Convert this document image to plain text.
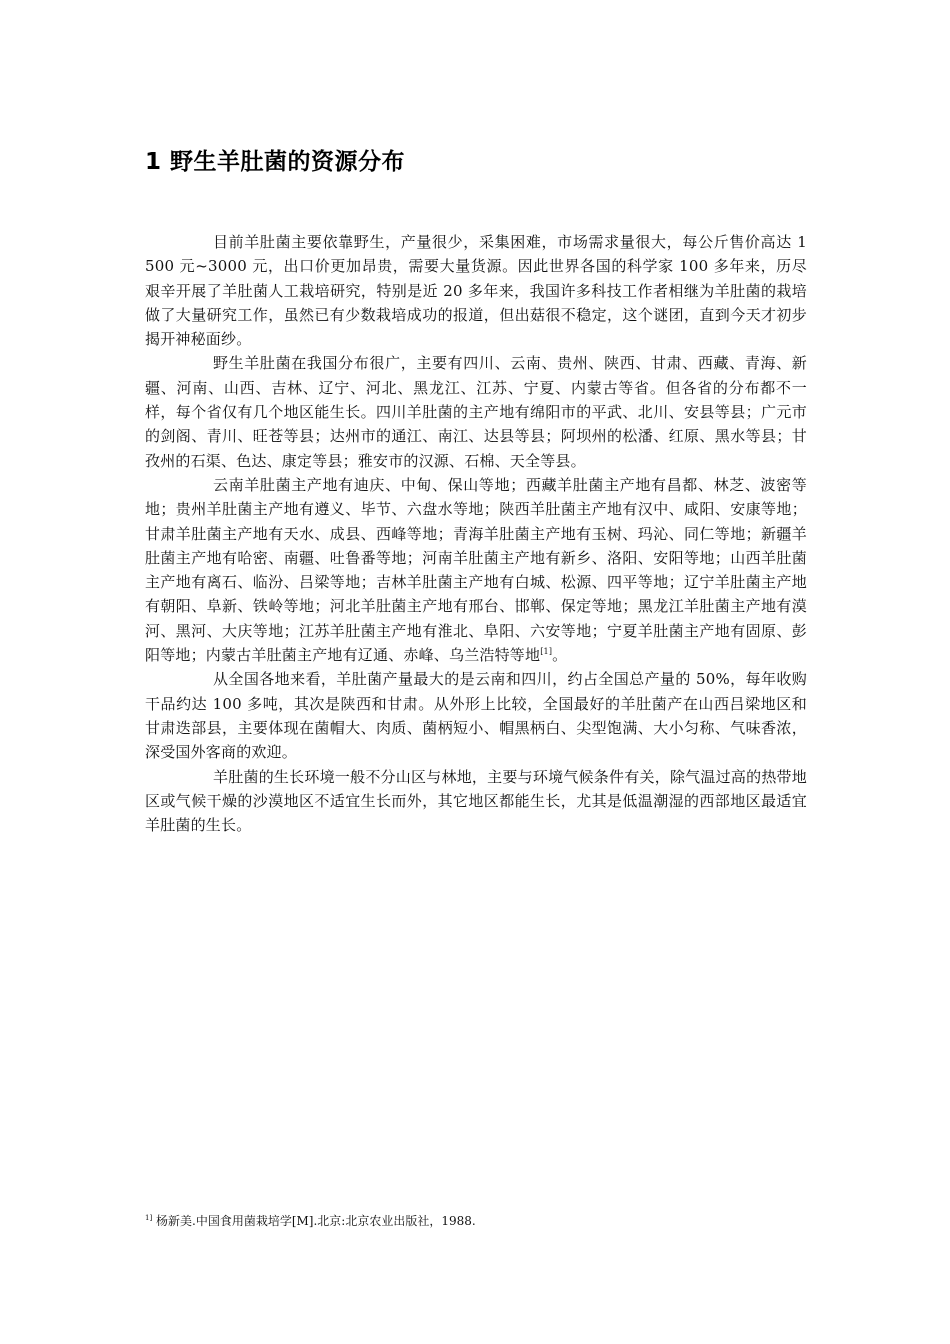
1 野生羊肚菌的资源分布

目前羊肚菌主要依靠野生，产量很少，采集困难，市场需求量很大，每公斤售价高达 1 500 元~3000 元，出口价更加昂贵，需要大量货源。因此世界各国的科学家 100 多年来，历尽艰辛开展了羊肚菌人工栽培研究，特别是近 20 多年来，我国许多科技工作者相继为羊肚菌的栽培做了大量研究工作，虽然已有少数栽培成功的报道，但出菇很不稳定，这个谜团，直到今天才初步揭开神秘面纱。

野生羊肚菌在我国分布很广，主要有四川、云南、贵州、陕西、甘肃、西藏、青海、新疆、河南、山西、吉林、辽宁、河北、黑龙江、江苏、宁夏、内蒙古等省。但各省的分布都不一样，每个省仅有几个地区能生长。四川羊肚菌的主产地有绵阳市的平武、北川、安县等县；广元市的剑阁、青川、旺苍等县；达州市的通江、南江、达县等县；阿坝州的松潘、红原、黑水等县；甘孜州的石渠、色达、康定等县；雅安市的汉源、石棉、天全等县。

云南羊肚菌主产地有迪庆、中甸、保山等地；西藏羊肚菌主产地有昌都、林芝、波密等地；贵州羊肚菌主产地有遵义、毕节、六盘水等地；陕西羊肚菌主产地有汉中、咸阳、安康等地；甘肃羊肚菌主产地有天水、成县、西峰等地；青海羊肚菌主产地有玉树、玛沁、同仁等地；新疆羊肚菌主产地有哈密、南疆、吐鲁番等地；河南羊肚菌主产地有新乡、洛阳、安阳等地；山西羊肚菌主产地有离石、临汾、吕梁等地；吉林羊肚菌主产地有白城、松源、四平等地；辽宁羊肚菌主产地有朝阳、阜新、铁岭等地；河北羊肚菌主产地有邢台、邯郸、保定等地；黑龙江羊肚菌主产地有漠河、黑河、大庆等地；江苏羊肚菌主产地有淮北、阜阳、六安等地；宁夏羊肚菌主产地有固原、彭阳等地；内蒙古羊肚菌主产地有辽通、赤峰、乌兰浩特等地[1]。

从全国各地来看，羊肚菌产量最大的是云南和四川，约占全国总产量的 50%，每年收购干品约达 100 多吨，其次是陕西和甘肃。从外形上比较，全国最好的羊肚菌产在山西吕梁地区和甘肃迭部县，主要体现在菌帽大、肉质、菌柄短小、帽黑柄白、尖型饱满、大小匀称、气味香浓，深受国外客商的欢迎。

羊肚菌的生长环境一般不分山区与林地，主要与环境气候条件有关，除气温过高的热带地区或气候干燥的沙漠地区不适宜生长而外，其它地区都能生长，尤其是低温潮湿的西部地区最适宜羊肚菌的生长。

$^{1]}$ 杨新美.中国食用菌栽培学[M].北京:北京农业出版社，1988.
